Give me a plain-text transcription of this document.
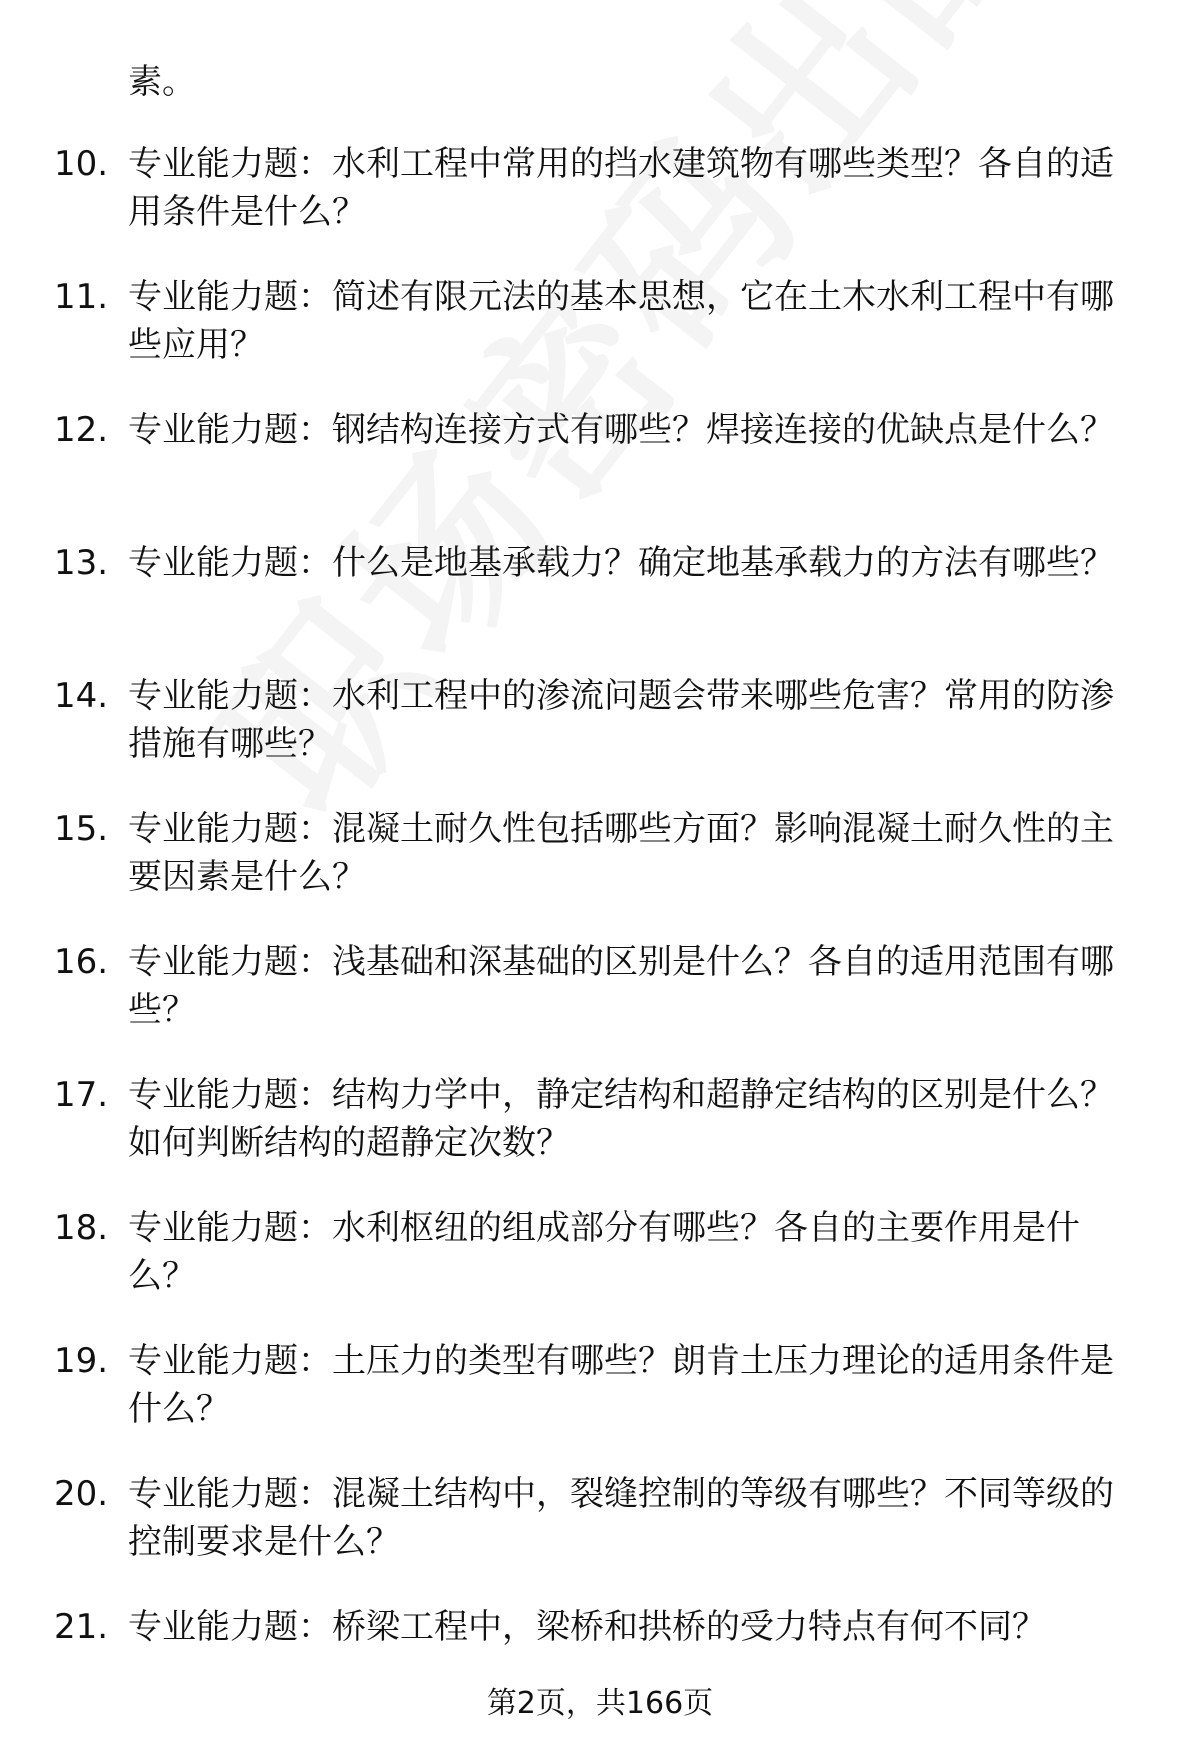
素。
10. 专业能力题：水利工程中常用的挡水建筑物有哪些类型？各自的适用条件是什么？
11. 专业能力题：简述有限元法的基本思想，它在土木水利工程中有哪些应用？
12. 专业能力题：钢结构连接方式有哪些？焊接连接的优缺点是什么？
13. 专业能力题：什么是地基承载力？确定地基承载力的方法有哪些？
14. 专业能力题：水利工程中的渗流问题会带来哪些危害？常用的防渗措施有哪些？
15. 专业能力题：混凝土耐久性包括哪些方面？影响混凝土耐久性的主要因素是什么？
16. 专业能力题：浅基础和深基础的区别是什么？各自的适用范围有哪些？
17. 专业能力题：结构力学中，静定结构和超静定结构的区别是什么？如何判断结构的超静定次数？
18. 专业能力题：水利枢纽的组成部分有哪些？各自的主要作用是什么？
19. 专业能力题：土压力的类型有哪些？朗肯土压力理论的适用条件是什么？
20. 专业能力题：混凝土结构中，裂缝控制的等级有哪些？不同等级的控制要求是什么？
21. 专业能力题：桥梁工程中，梁桥和拱桥的受力特点有何不同？
第2页，共166页
